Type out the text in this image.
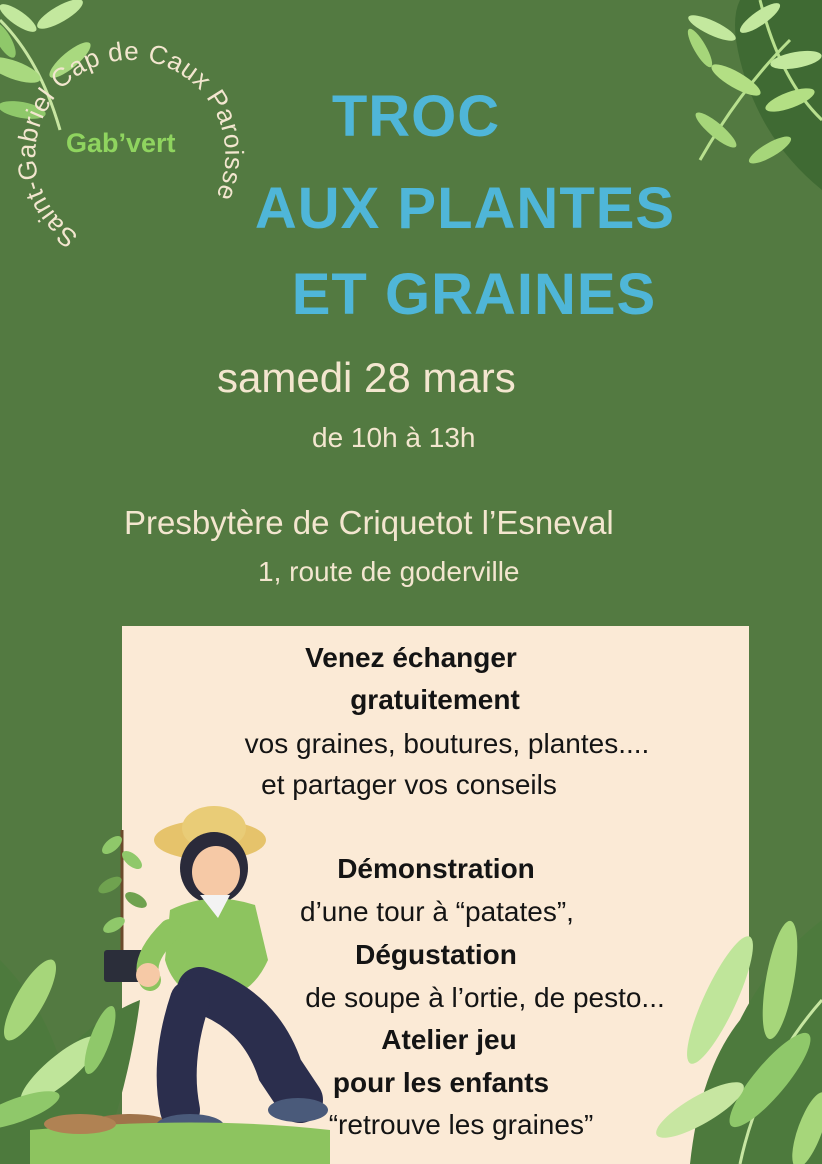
Saint-Gabriel Cap de Caux Paroisse
Gab’vert	TROC
AUX PLANTES
ET GRAINES
samedi 28 mars
de 10h à 13h
Presbytère de Criquetot l’Esneval
1, route de goderville
Venez échanger
gratuitement
vos graines, boutures, plantes....
et partager vos conseils
Démonstration
d’une tour à “patates”,
Dégustation
de soupe à l’ortie, de pesto...
Atelier jeu
pour les enfants
“retrouve les graines”
